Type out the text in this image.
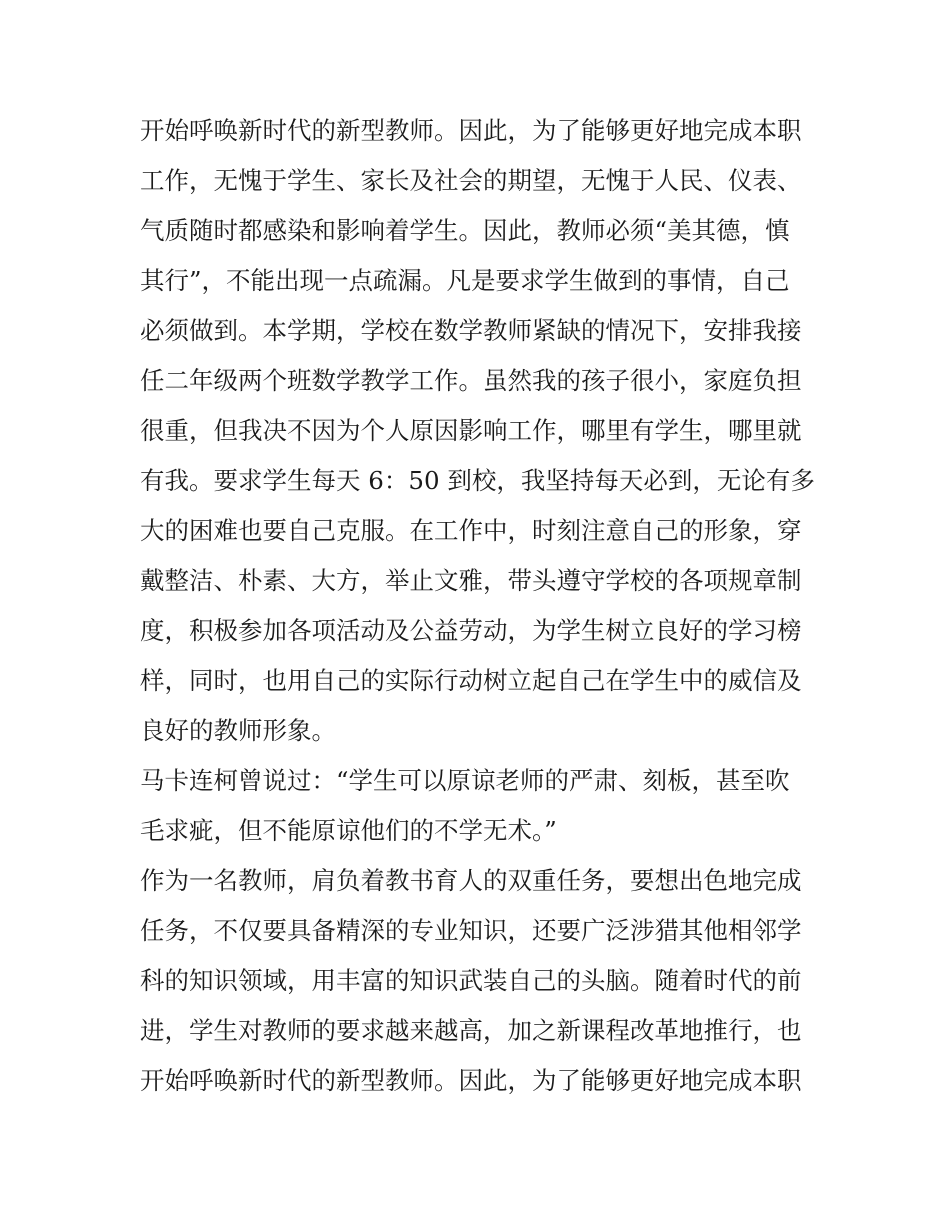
开始呼唤新时代的新型教师。因此，为了能够更好地完成本职
工作，无愧于学生、家长及社会的期望，无愧于人民、仪表、
气质随时都感染和影响着学生。因此，教师必须“美其德，慎
其行”，不能出现一点疏漏。凡是要求学生做到的事情，自己
必须做到。本学期，学校在数学教师紧缺的情况下，安排我接
任二年级两个班数学教学工作。虽然我的孩子很小，家庭负担
很重，但我决不因为个人原因影响工作，哪里有学生，哪里就
有我。要求学生每天 6：50 到校，我坚持每天必到，无论有多
大的困难也要自己克服。在工作中，时刻注意自己的形象，穿
戴整洁、朴素、大方，举止文雅，带头遵守学校的各项规章制
度，积极参加各项活动及公益劳动，为学生树立良好的学习榜
样，同时，也用自己的实际行动树立起自己在学生中的威信及
良好的教师形象。
马卡连柯曾说过：“学生可以原谅老师的严肃、刻板，甚至吹
毛求疵，但不能原谅他们的不学无术。”
作为一名教师，肩负着教书育人的双重任务，要想出色地完成
任务，不仅要具备精深的专业知识，还要广泛涉猎其他相邻学
科的知识领域，用丰富的知识武装自己的头脑。随着时代的前
进，学生对教师的要求越来越高，加之新课程改革地推行，也
开始呼唤新时代的新型教师。因此，为了能够更好地完成本职
